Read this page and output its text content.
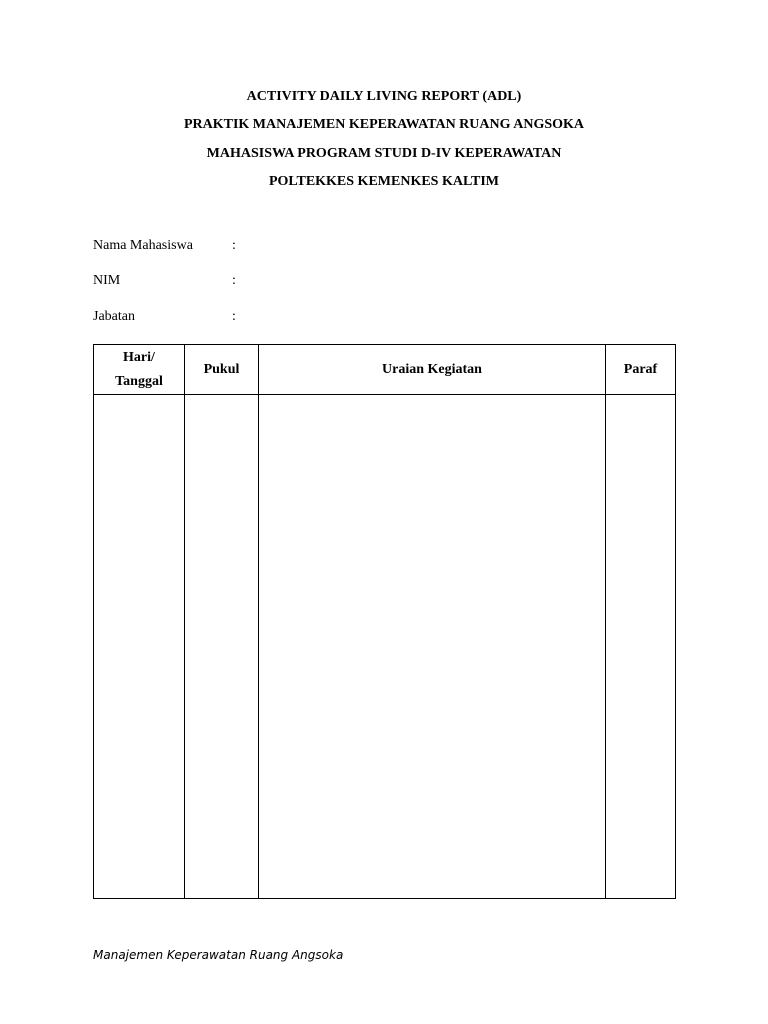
ACTIVITY DAILY LIVING REPORT (ADL)
PRAKTIK MANAJEMEN KEPERAWATAN RUANG ANGSOKA
MAHASISWA PROGRAM STUDI D-IV KEPERAWATAN
POLTEKKES KEMENKES KALTIM
Nama Mahasiswa	:
NIM	:
Jabatan	:
Hari/
Tanggal	Pukul	Uraian Kegiatan	Paraf

Manajemen Keperawatan Ruang Angsoka
